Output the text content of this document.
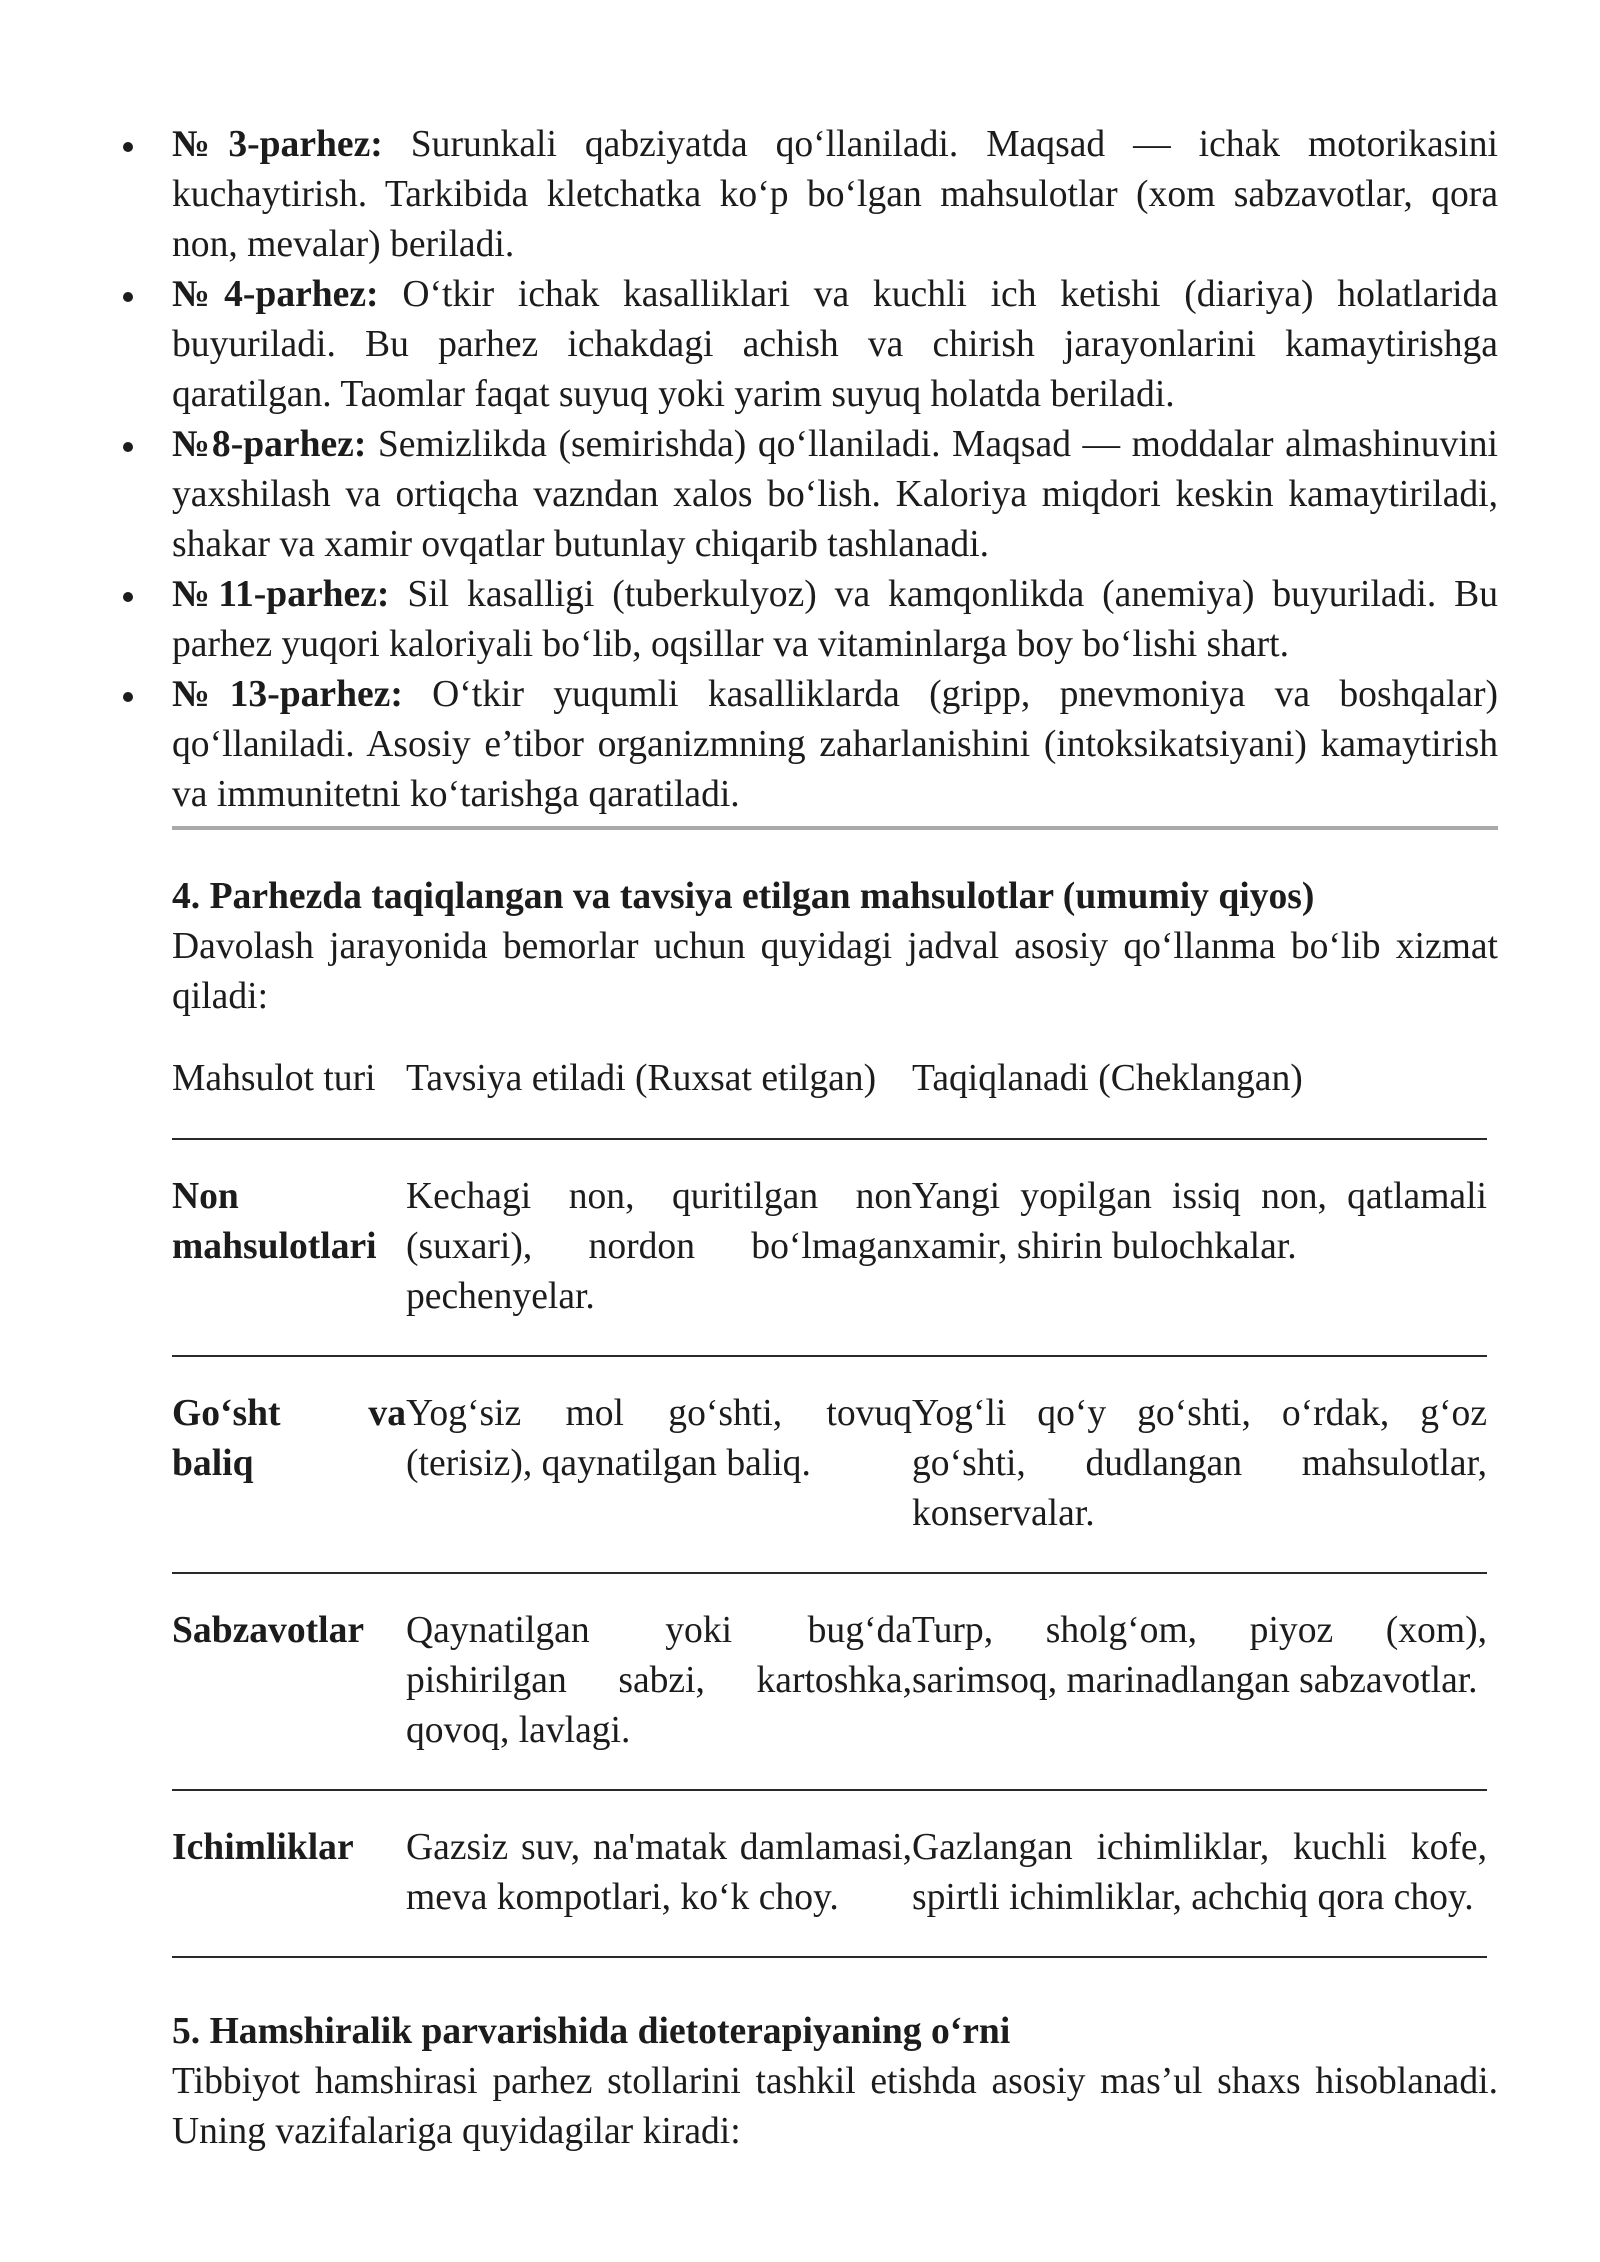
№3-parhez: Surunkali qabziyatda qo‘llaniladi. Maqsad — ichak motorikasini kuchaytirish. Tarkibida kletchatka ko‘p bo‘lgan mahsulotlar (xom sabzavotlar, qora non, mevalar) beriladi.
№4-parhez: O‘tkir ichak kasalliklari va kuchli ich ketishi (diariya) holatlarida buyuriladi. Bu parhez ichakdagi achish va chirish jarayonlarini kamaytirishga qaratilgan. Taomlar faqat suyuq yoki yarim suyuq holatda beriladi.
№8-parhez: Semizlikda (semirishda) qo‘llaniladi. Maqsad — moddalar almashinuvini yaxshilash va ortiqcha vazndan xalos bo‘lish. Kaloriya miqdori keskin kamaytiriladi, shakar va xamir ovqatlar butunlay chiqarib tashlanadi.
№11-parhez: Sil kasalligi (tuberkulyoz) va kamqonlikda (anemiya) buyuriladi. Bu parhez yuqori kaloriyali bo‘lib, oqsillar va vitaminlarga boy bo‘lishi shart.
№13-parhez: O‘tkir yuqumli kasalliklarda (gripp, pnevmoniya va boshqalar) qo‘llaniladi. Asosiy e’tibor organizmning zaharlanishini (intoksikatsiyani) kamaytirish va immunitetni ko‘tarishga qaratiladi.
4. Parhezda taqiqlangan va tavsiya etilgan mahsulotlar (umumiy qiyos)

Davolash jarayonida bemorlar uchun quyidagi jadval asosiy qo‘llanma bo‘lib xizmat qiladi:

Mahsulot turi Tavsiya etiladi (Ruxsat etilgan) Taqiqlanadi (Cheklangan)
Non mahsulotlari
Kechagi non, quritilgan non (suxari), nordon bo‘lmagan pechenyelar.
Yangi yopilgan issiq non, qatlamali xamir, shirin bulochkalar.
Go‘sht va baliq
Yog‘siz mol go‘shti, tovuq (terisiz), qaynatilgan baliq.
Yog‘li qo‘y go‘shti, o‘rdak, g‘oz go‘shti, dudlangan mahsulotlar, konservalar.
Sabzavotlar	Qaynatilgan yoki bug‘da pishirilgan sabzi, kartoshka, qovoq, lavlagi.
Turp, sholg‘om, piyoz (xom), sarimsoq, marinadlangan sabzavotlar.
Ichimliklar	Gazsiz suv, na'matak damlamasi, meva kompotlari, ko‘k choy.
Gazlangan ichimliklar, kuchli kofe, spirtli ichimliklar, achchiq qora choy.
5. Hamshiralik parvarishida dietoterapiyaning o‘rni

Tibbiyot hamshirasi parhez stollarini tashkil etishda asosiy mas’ul shaxs hisoblanadi. Uning vazifalariga quyidagilar kiradi:
